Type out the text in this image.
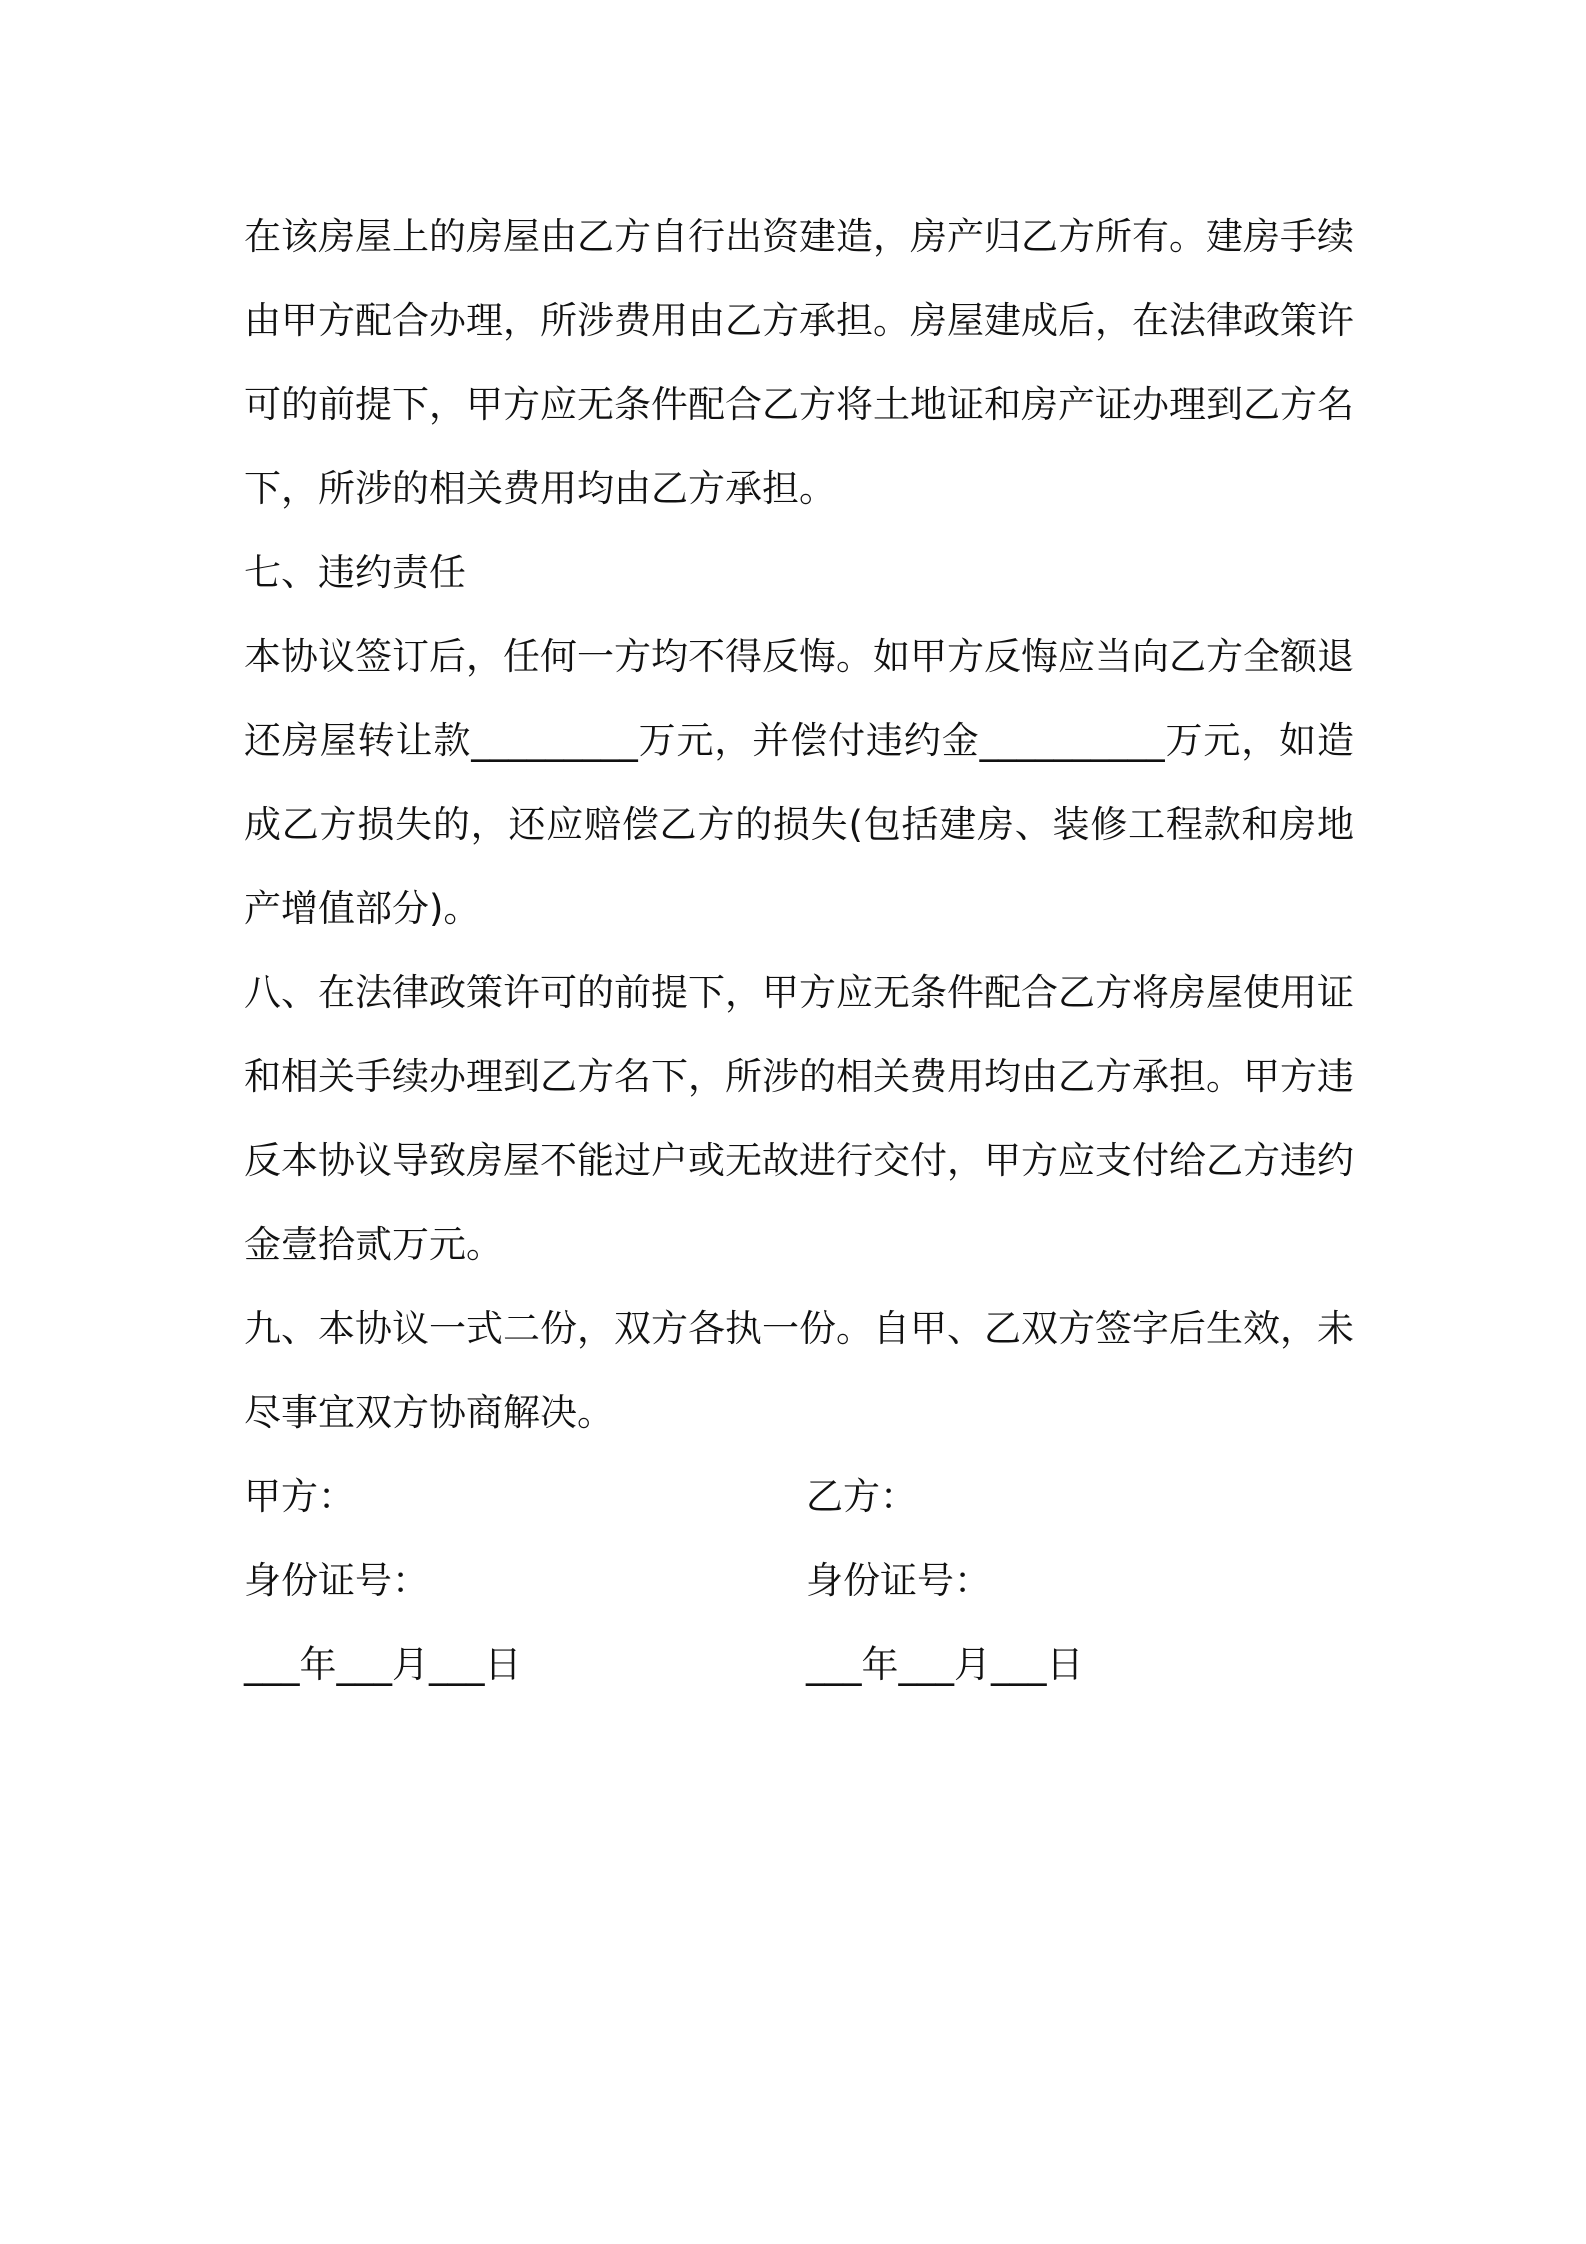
在该房屋上的房屋由乙方自行出资建造，房产归乙方所有。建房手续
由甲方配合办理，所涉费用由乙方承担。房屋建成后，在法律政策许
可的前提下，甲方应无条件配合乙方将土地证和房产证办理到乙方名
下，所涉的相关费用均由乙方承担。
七、违约责任
本协议签订后，任何一方均不得反悔。如甲方反悔应当向乙方全额退
还房屋转让款_________万元，并偿付违约金__________万元，如造
成乙方损失的，还应赔偿乙方的损失(包括建房、装修工程款和房地
产增值部分)。
八、在法律政策许可的前提下，甲方应无条件配合乙方将房屋使用证
和相关手续办理到乙方名下，所涉的相关费用均由乙方承担。甲方违
反本协议导致房屋不能过户或无故进行交付，甲方应支付给乙方违约
金壹拾贰万元。
九、本协议一式二份，双方各执一份。自甲、乙双方签字后生效，未
尽事宜双方协商解决。
甲方：	乙方：
身份证号：	身份证号：
___年___月___日	___年___月___日
